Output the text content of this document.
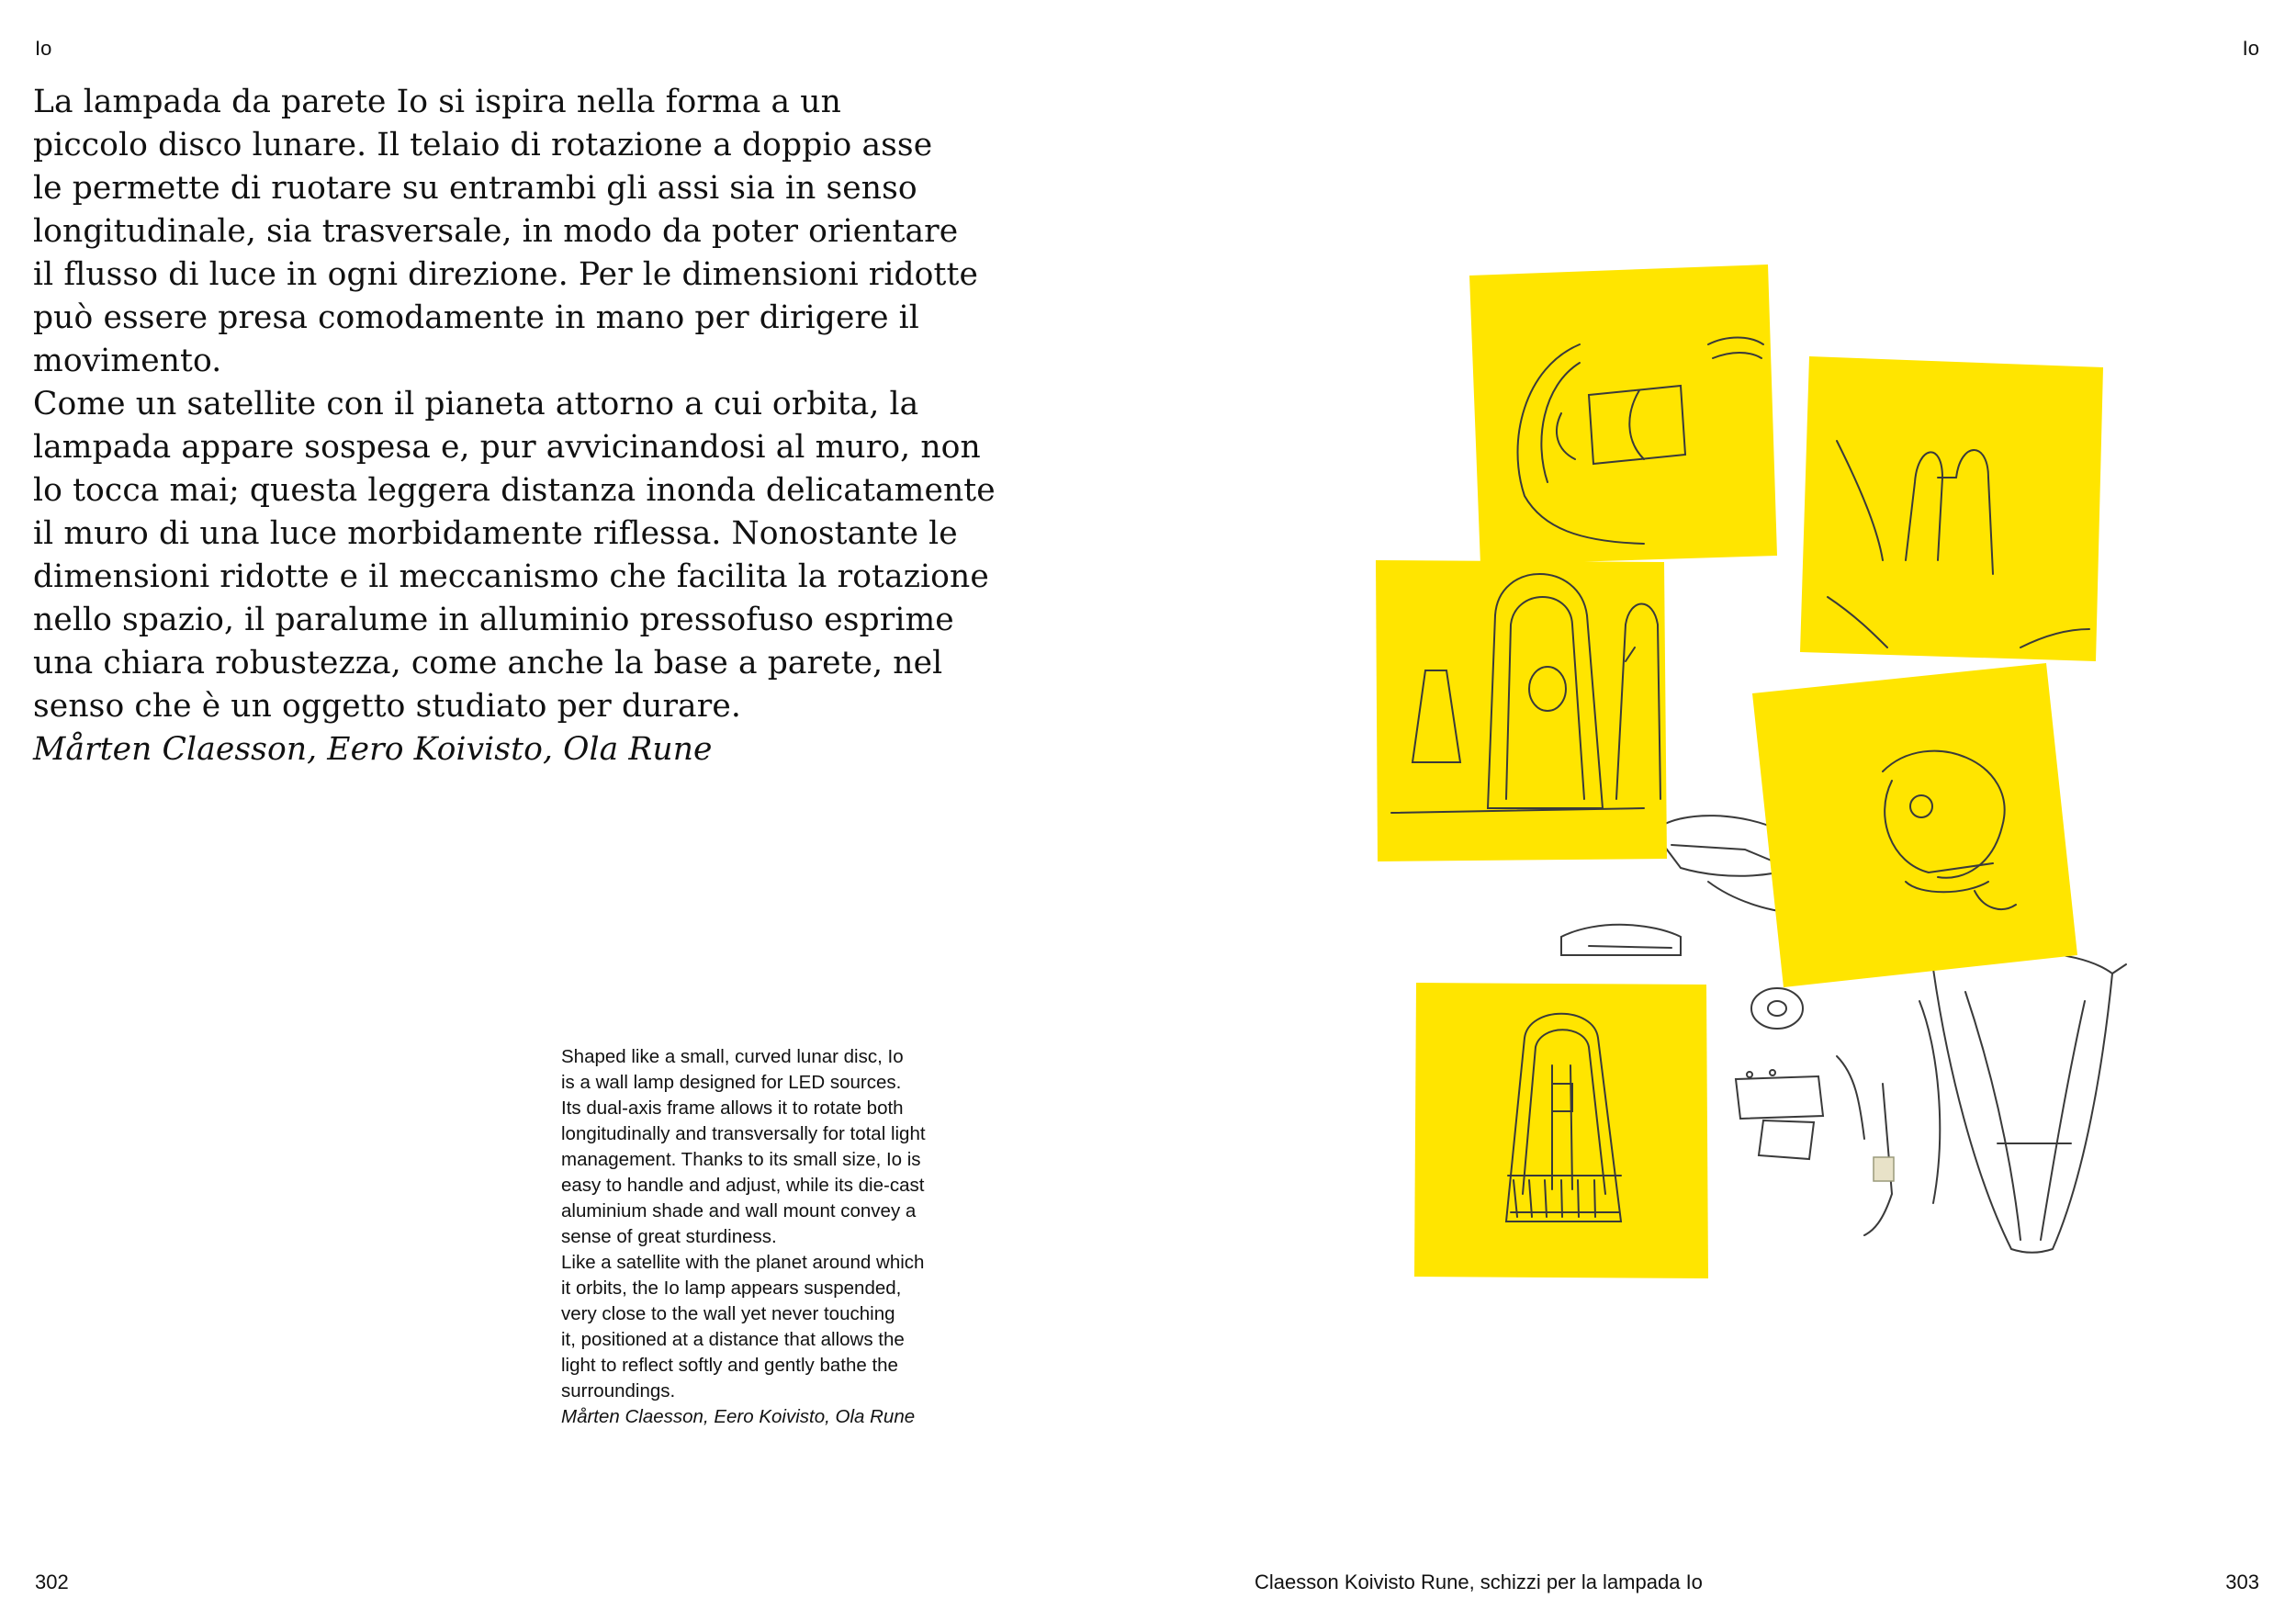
Io	Io
La lampada da parete Io si ispira nella forma a un
piccolo disco lunare. Il telaio di rotazione a doppio asse
le permette di ruotare su entrambi gli assi sia in senso
longitudinale, sia trasversale, in modo da poter orientare
il flusso di luce in ogni direzione. Per le dimensioni ridotte
può essere presa comodamente in mano per dirigere il
movimento.
Come un satellite con il pianeta attorno a cui orbita, la
lampada appare sospesa e, pur avvicinandosi al muro, non
lo tocca mai; questa leggera distanza inonda delicatamente
il muro di una luce morbidamente riflessa. Nonostante le
dimensioni ridotte e il meccanismo che facilita la rotazione
nello spazio, il paralume in alluminio pressofuso esprime
una chiara robustezza, come anche la base a parete, nel
senso che è un oggetto studiato per durare.
Mårten Claesson, Eero Koivisto, Ola Rune
Shaped like a small, curved lunar disc, Io
is a wall lamp designed for LED sources.
Its dual-axis frame allows it to rotate both
longitudinally and transversally for total light
management. Thanks to its small size, Io is
easy to handle and adjust, while its die-cast
aluminium shade and wall mount convey a
sense of great sturdiness.
Like a satellite with the planet around which
it orbits, the Io lamp appears suspended,
very close to the wall yet never touching
it, positioned at a distance that allows the
light to reflect softly and gently bathe the
surroundings.
Mårten Claesson, Eero Koivisto, Ola Rune
302	Claesson Koivisto Rune, schizzi per la lampada Io	303
